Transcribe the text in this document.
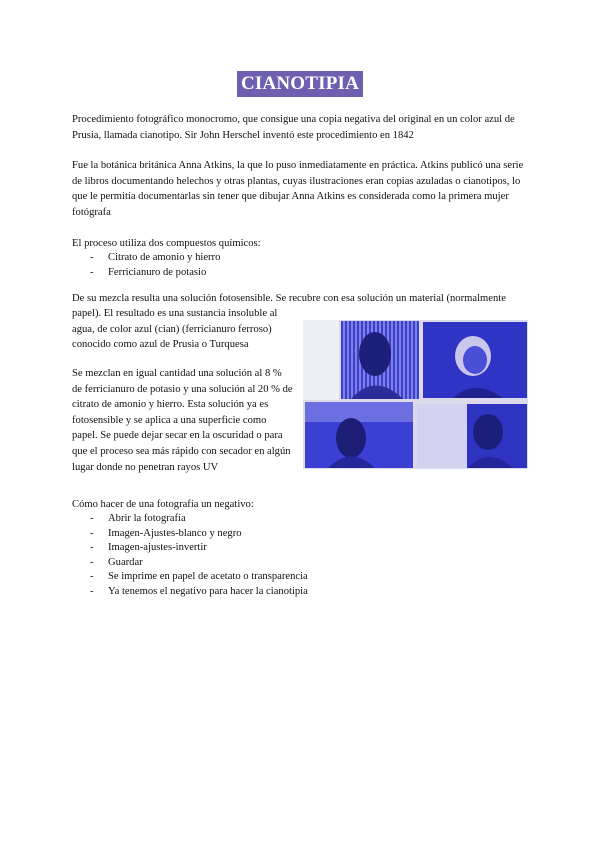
CIANOTIPIA

Procedimiento fotográfico monocromo, que consigue una copia negativa del original en un color azul de Prusia, llamada cianotipo. Sir John Herschel inventó este procedimiento en 1842

Fue la botánica británica Anna Atkins, la que lo puso inmediatamente en práctica. Atkins publicó una serie de libros documentando helechos y otras plantas, cuyas ilustraciones eran copias azuladas o cianotipos, lo que le permitía documentarlas sin tener que dibujar Anna Atkins es considerada como la primera mujer fotógrafa

El proceso utiliza dos compuestos químicos:

- Citrato de amonio y hierro
- Ferricianuro de potasio

De su mezcla resulta una solución fotosensible. Se recubre con esa solución un material (normalmente

papel). El resultado es una sustancia insoluble al agua, de color azul (cian) (ferricianuro ferroso) conocido como azul de Prusia o Turquesa

Se mezclan en igual cantidad una solución al 8 % de ferricianuro de potasio y una solución al 20 % de citrato de amonio y hierro. Esta solución ya es fotosensible y se aplica a una superficie como papel. Se puede dejar secar en la oscuridad o para que el proceso sea más rápido con secador en algún lugar donde no penetran rayos UV

Cómo hacer de una fotografía un negativo:

- Abrir la fotografía
- Imagen-Ajustes-blanco y negro
- Imagen-ajustes-invertir
- Guardar
- Se imprime en papel de acetato o transparencia
- Ya tenemos el negativo para hacer la cianotipia
